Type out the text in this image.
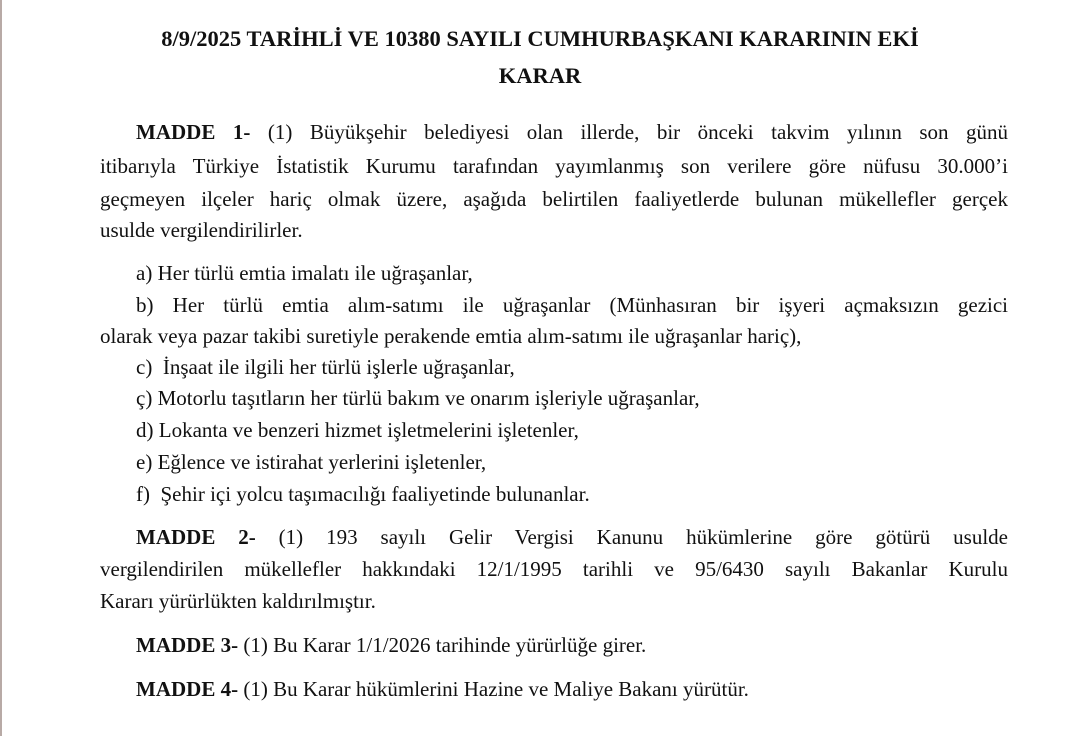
8/9/2025 TARİHLİ VE 10380 SAYILI CUMHURBAŞKANI KARARININ EKİ
KARAR
MADDE 1- (1) Büyükşehir belediyesi olan illerde, bir önceki takvim yılının son günü
itibarıyla Türkiye İstatistik Kurumu tarafından yayımlanmış son verilere göre nüfusu 30.000’i
geçmeyen ilçeler hariç olmak üzere, aşağıda belirtilen faaliyetlerde bulunan mükellefler gerçek
usulde vergilendirilirler.
a) Her türlü emtia imalatı ile uğraşanlar,
b) Her türlü emtia alım-satımı ile uğraşanlar (Münhasıran bir işyeri açmaksızın gezici
olarak veya pazar takibi suretiyle perakende emtia alım-satımı ile uğraşanlar hariç),
c) İnşaat ile ilgili her türlü işlerle uğraşanlar,
ç) Motorlu taşıtların her türlü bakım ve onarım işleriyle uğraşanlar,
d) Lokanta ve benzeri hizmet işletmelerini işletenler,
e) Eğlence ve istirahat yerlerini işletenler,
f) Şehir içi yolcu taşımacılığı faaliyetinde bulunanlar.
MADDE 2- (1) 193 sayılı Gelir Vergisi Kanunu hükümlerine göre götürü usulde
vergilendirilen mükellefler hakkındaki 12/1/1995 tarihli ve 95/6430 sayılı Bakanlar Kurulu
Kararı yürürlükten kaldırılmıştır.
MADDE 3- (1) Bu Karar 1/1/2026 tarihinde yürürlüğe girer.
MADDE 4- (1) Bu Karar hükümlerini Hazine ve Maliye Bakanı yürütür.
